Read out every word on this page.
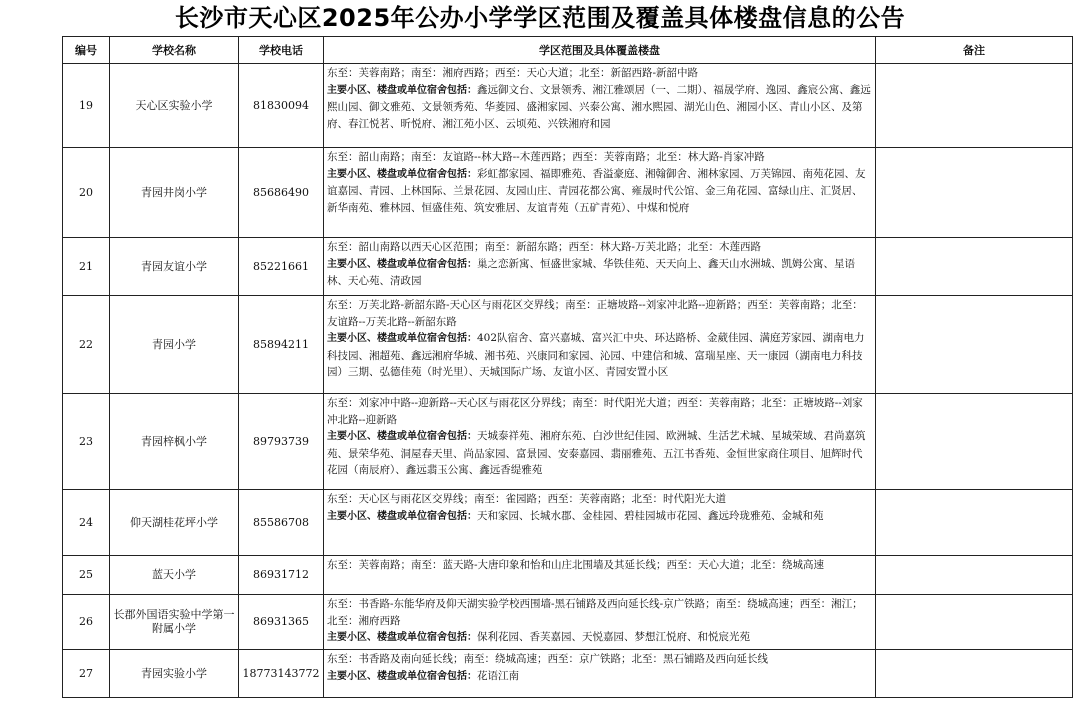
长沙市天心区2025年公办小学学区范围及覆盖具体楼盘信息的公告
编号	学校名称	学校电话	学区范围及具体覆盖楼盘	备注
19	天心区实验小学	81830094	东至：芙蓉南路；南至：湘府西路；西至：天心大道；北至：新韶西路-新韶中路
主要小区、楼盘或单位宿舍包括：鑫远御文台、文景领秀、湘江雅颂居（一、二期）、福晟学府、逸园、鑫宸公寓、鑫远熙山园、御文雅苑、文景领秀苑、华菱园、盛湘家园、兴泰公寓、湘水熙园、湖光山色、湘园小区、青山小区、及第府、春江悦茗、昕悦府、湘江苑小区、云顷苑、兴铁湘府和园	
20	青园井岗小学	85686490	东至：韶山南路；南至：友谊路--林大路--木莲西路；西至：芙蓉南路；北至：林大路-肖家冲路
主要小区、楼盘或单位宿舍包括：彩虹都家园、福即雅苑、香溢豪庭、湘翰御舍、湘林家园、万芙锦园、南苑花园、友谊嘉园、青园、上林国际、兰景花园、友园山庄、青园花都公寓、雍晟时代公馆、金三角花园、富绿山庄、汇贤居、新华南苑、雅林园、恒盛佳苑、筑安雅居、友谊青苑（五矿青苑）、中煤和悦府	
21	青园友谊小学	85221661	东至：韶山南路以西天心区范围；南至：新韶东路；西至：林大路-万芙北路；北至：木莲西路
主要小区、楼盘或单位宿舍包括：巢之恋新寓、恒盛世家城、华铁佳苑、天天向上、鑫天山水洲城、凯姆公寓、星语林、天心苑、清政园	
22	青园小学	85894211	东至：万芙北路-新韶东路-天心区与雨花区交界线；南至：正塘坡路--刘家冲北路--迎新路；西至：芙蓉南路；北至：友谊路--万芙北路--新韶东路
主要小区、楼盘或单位宿舍包括：402队宿舍、富兴嘉城、富兴汇中央、环达路桥、金葳佳园、满庭芳家园、湖南电力科技园、湘超苑、鑫远湘府华城、湘书苑、兴康同和家园、沁园、中建信和城、富瑞星座、天一康园（湖南电力科技园）三期、弘德佳苑（时光里）、天城国际广场、友谊小区、青园安置小区	
23	青园梓枫小学	89793739	东至：刘家冲中路--迎新路--天心区与雨花区分界线；南至：时代阳光大道；西至：芙蓉南路；北至：正塘坡路--刘家冲北路--迎新路
主要小区、楼盘或单位宿舍包括：天城泰祥苑、湘府东苑、白沙世纪佳园、欧洲城、生活艺术城、星城荣域、君尚嘉筑苑、景荣华苑、洞屋春天里、尚品家园、富景园、安泰嘉园、翡丽雅苑、五江书香苑、金恒世家商住项目、旭辉时代花园（南辰府）、鑫远翡玉公寓、鑫远香缇雅苑	
24	仰天湖桂花坪小学	85586708	东至：天心区与雨花区交界线；南至：雀园路；西至：芙蓉南路；北至：时代阳光大道
主要小区、楼盘或单位宿舍包括：天和家园、长城水郡、金桂园、碧桂园城市花园、鑫远玲珑雅苑、金城和苑	
25	蓝天小学	86931712	东至：芙蓉南路；南至：蓝天路-大唐印象和怡和山庄北围墙及其延长线；西至：天心大道；北至：绕城高速	
26	长郡外国语实验中学第一附属小学	86931365	东至：书香路-东能华府及仰天湖实验学校西围墙-黑石铺路及西向延长线-京广铁路；南至：绕城高速；西至：湘江；北至：湘府西路
主要小区、楼盘或单位宿舍包括：保利花园、香芙嘉园、天悦嘉园、梦想江悦府、和悦宸光苑	
27	青园实验小学	18773143772	东至：书香路及南向延长线；南至：绕城高速；西至：京广铁路；北至：黑石铺路及西向延长线
主要小区、楼盘或单位宿舍包括：花语江南	
